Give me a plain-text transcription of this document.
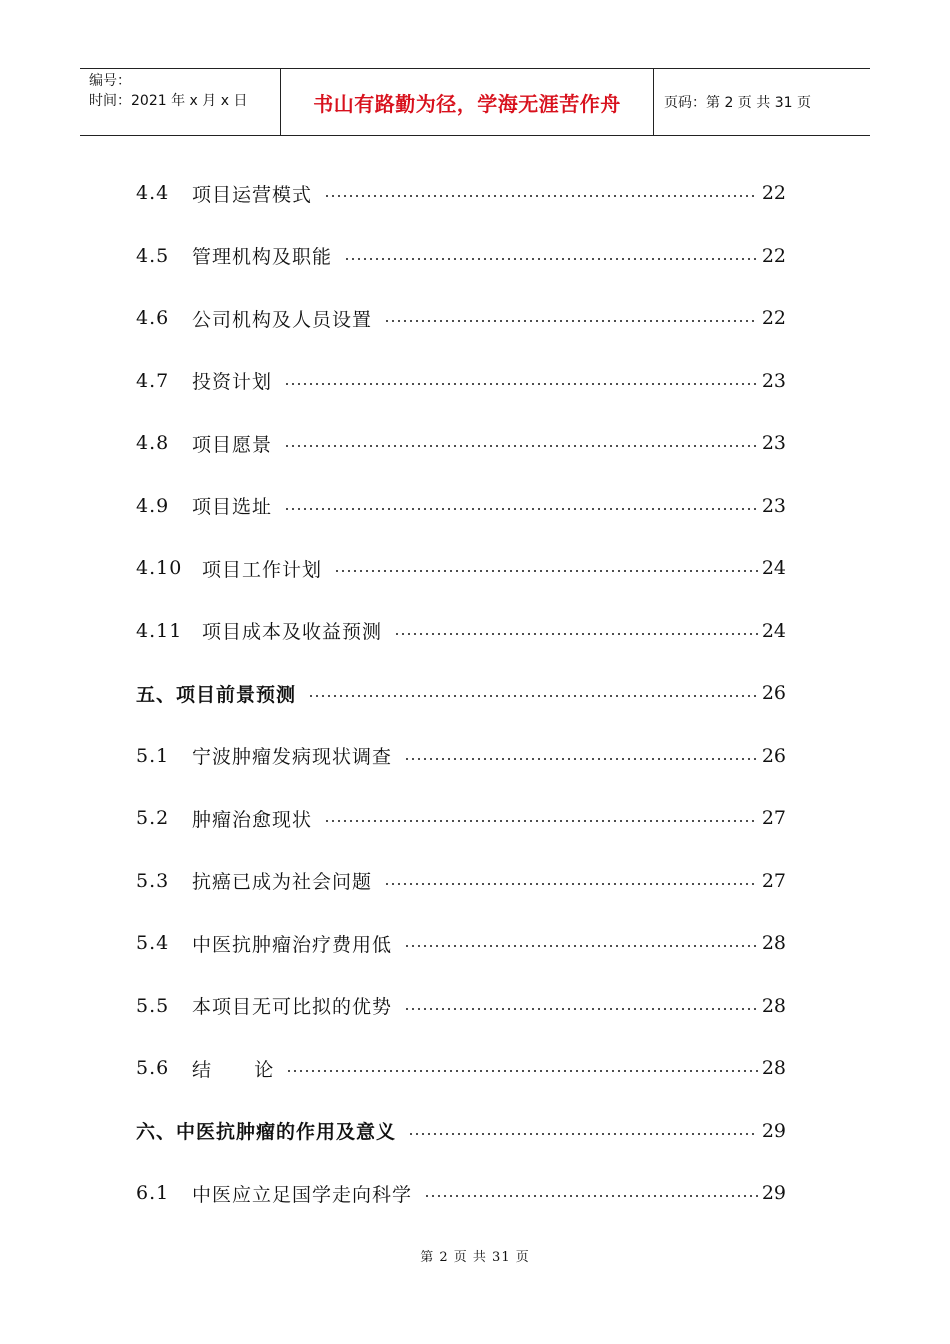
编号：
时间：2021 年 x 月 x 日	书山有路勤为径，学海无涯苦作舟	页码：第 2 页 共 31 页
4.4	项目运营模式	22
4.5	管理机构及职能	22
4.6	公司机构及人员设置	22
4.7	投资计划	23
4.8	项目愿景	23
4.9	项目选址	23
4.10	项目工作计划	24
4.11	项目成本及收益预测	24
五、项目前景预测	26
5.1	宁波肿瘤发病现状调查	26
5.2	肿瘤治愈现状	27
5.3	抗癌已成为社会问题	27
5.4	中医抗肿瘤治疗费用低	28
5.5	本项目无可比拟的优势	28
5.6	结      论	28
六、中医抗肿瘤的作用及意义	29
6.1	中医应立足国学走向科学	29
第 2 页 共 31 页
